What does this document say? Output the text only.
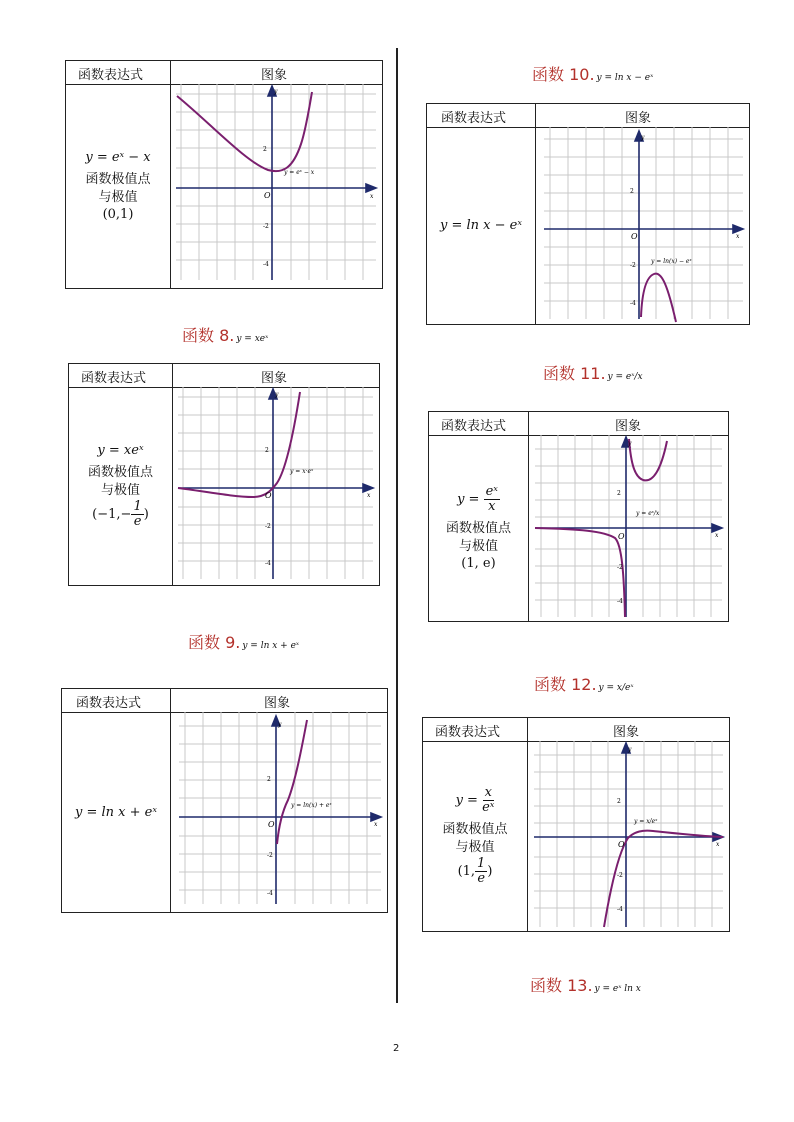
函数表达式	图象
y = eˣ − x
函数极值点
与极值
(0,1)
y
x
O
2
-2
-4
y = eˣ − x
函数 8. y = xeˣ
函数表达式	图象
y = xeˣ
函数极值点
与极值
($-1,- \frac{1}{e}$ )
y
x
O
2
-2
-4
y = x·eˣ
函数 9. y = ln x + eˣ
函数表达式	图象
y = ln x + eˣ
y
x
O
2
-2
-4
y = ln(x) + eˣ
函数 10. y = ln x − eˣ
函数表达式	图象
y = ln x − eˣ
y
x
O
2
-2
-4
y = ln(x) − eˣ
函数 11. y = eˣ/x
函数表达式	图象
$y = \frac{\text{eˣ}}{x}$
函数极值点
与极值
(1, e)
y
x
O
2
-2
-4
y = eˣ/x
函数 12. y = x/eˣ
函数表达式	图象
$y = \frac{x}{\text{eˣ}}$
函数极值点
与极值
(1, $\frac{1}{e}$ )
y
x
O
2
-2
-4
y = x/eˣ
函数 13. y = eˣ ln x
2
